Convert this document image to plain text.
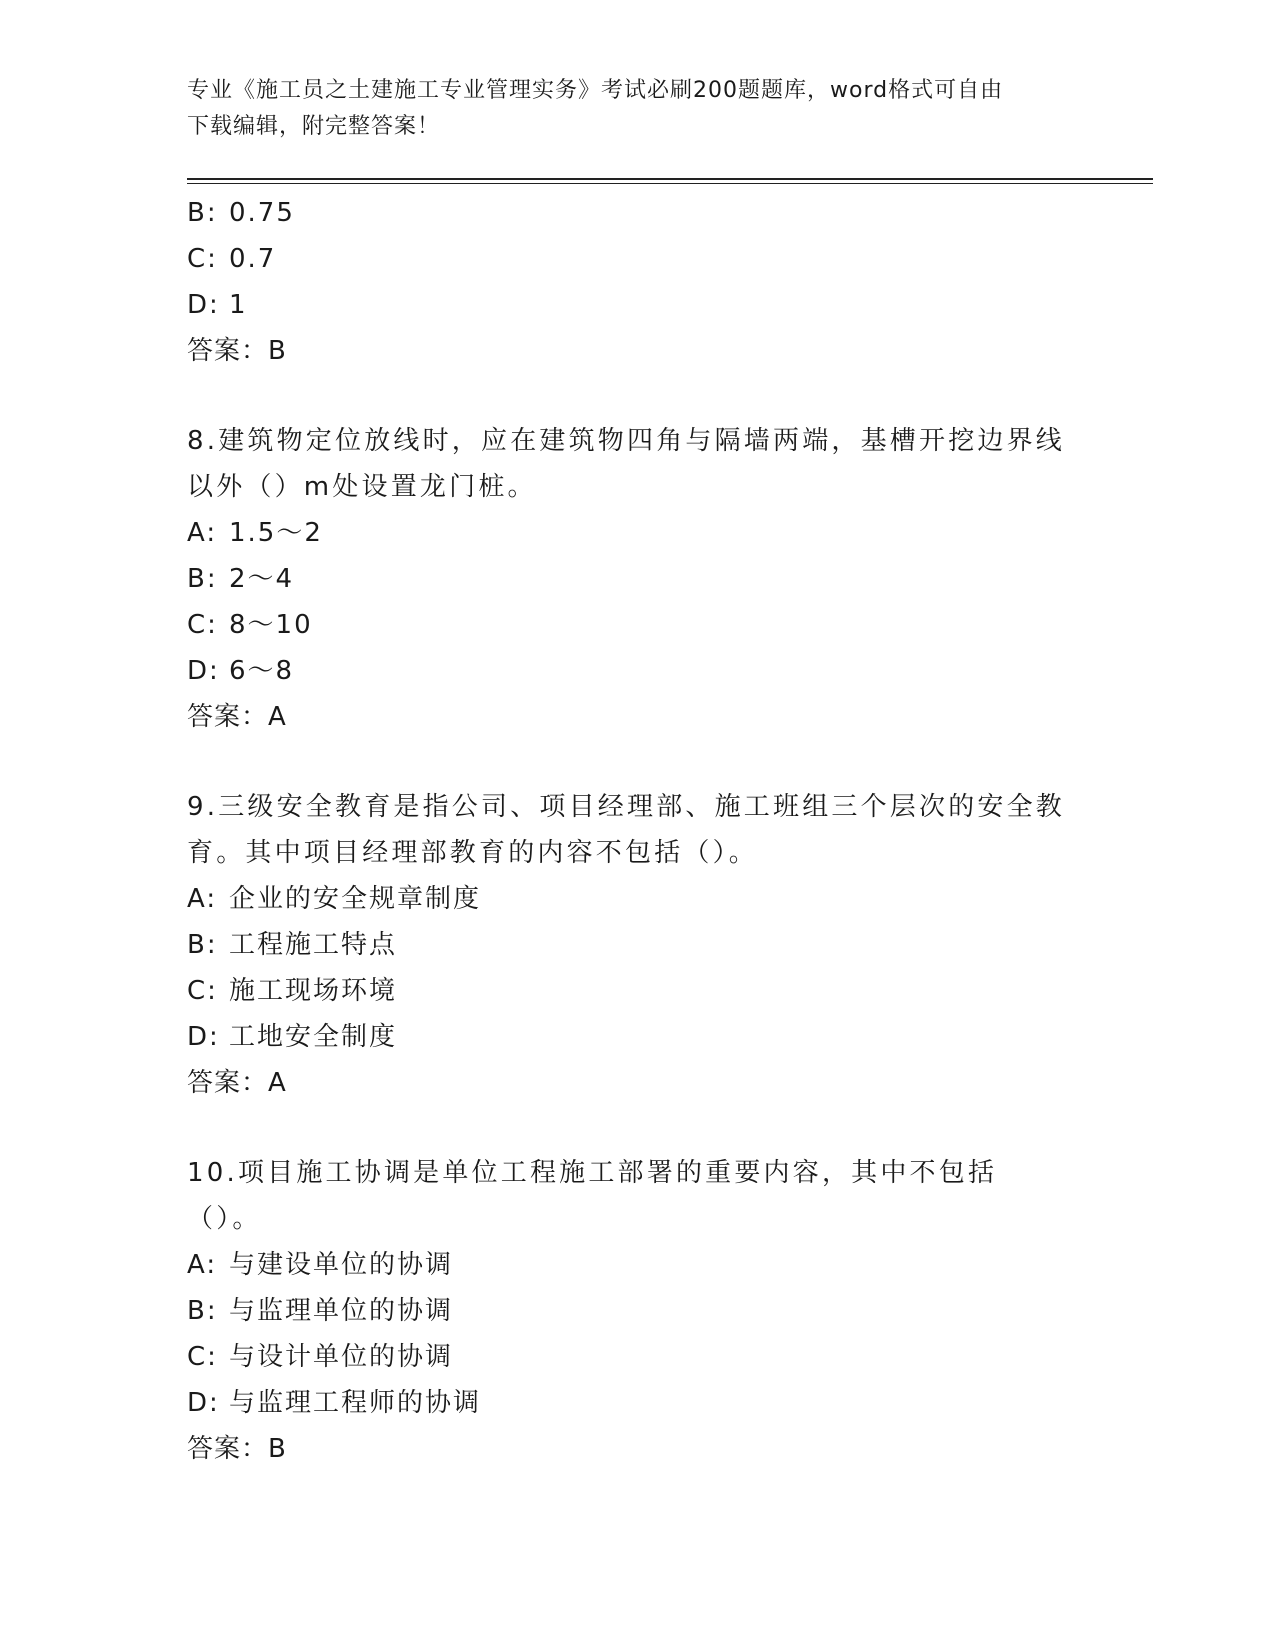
专业《施工员之土建施工专业管理实务》考试必刷200题题库，word格式可自由
下载编辑，附完整答案！
B: 0.75
C: 0.7
D: 1
答案：B
8.建筑物定位放线时，应在建筑物四角与隔墙两端，基槽开挖边界线以外（）m处设置龙门桩。
A: 1.5～2
B: 2～4
C: 8～10
D: 6～8
答案：A
9.三级安全教育是指公司、项目经理部、施工班组三个层次的安全教育。其中项目经理部教育的内容不包括（）。
A: 企业的安全规章制度
B: 工程施工特点
C: 施工现场环境
D: 工地安全制度
答案：A
10.项目施工协调是单位工程施工部署的重要内容，其中不包括（）。
A: 与建设单位的协调
B: 与监理单位的协调
C: 与设计单位的协调
D: 与监理工程师的协调
答案：B
